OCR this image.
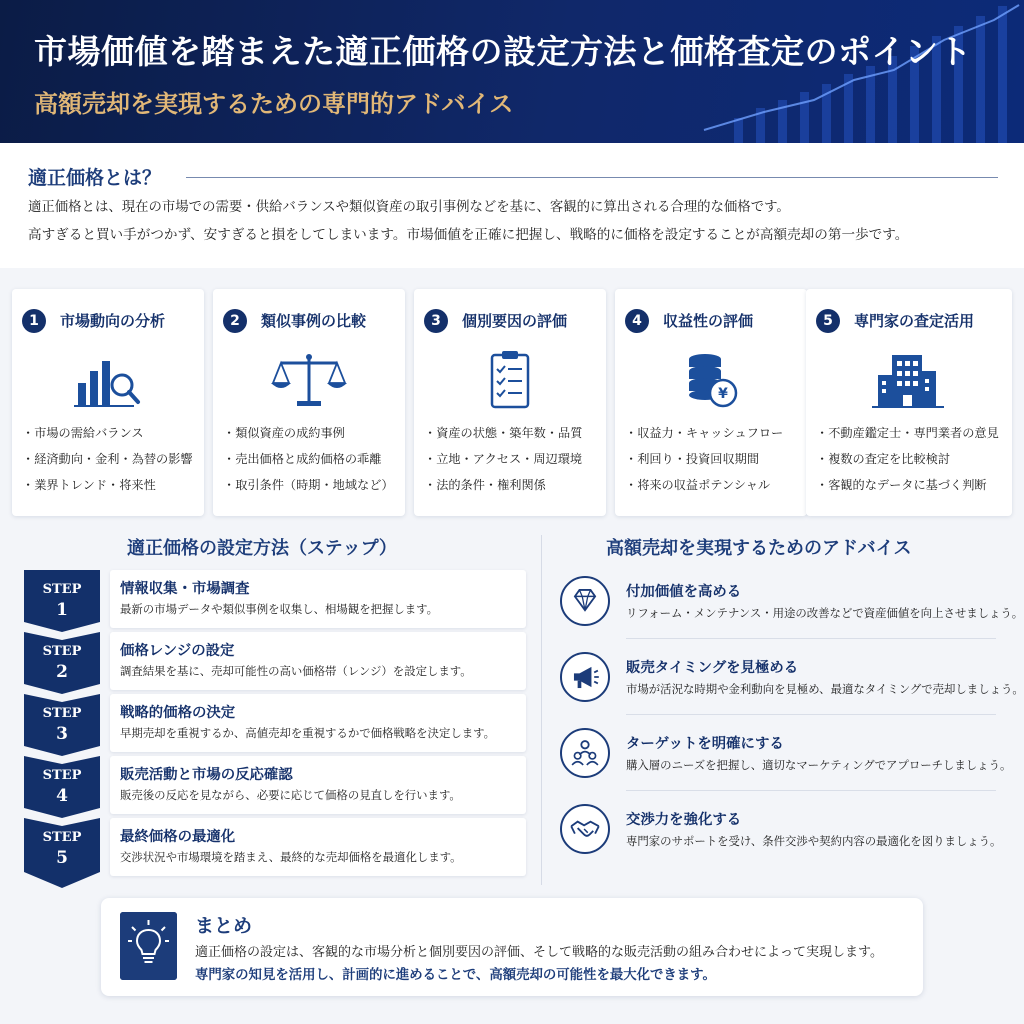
市場価値を踏まえた適正価格の設定方法と価格査定のポイント
高額売却を実現するための専門的アドバイス
適正価格とは？
適正価格とは、現在の市場での需要・供給バランスや類似資産の取引事例などを基に、客観的に算出される合理的な価格です。
高すぎると買い手がつかず、安すぎると損をしてしまいます。市場価値を正確に把握し、戦略的に価格を設定することが高額売却の第一歩です。
1	市場動向の分析
・ 市場の需給バランス
・ 経済動向・金利・為替の影響
・ 業界トレンド・将来性
2	類似事例の比較
・ 類似資産の成約事例
・ 売出価格と成約価格の乖離
・ 取引条件（時期・地域など）
3	個別要因の評価
・ 資産の状態・築年数・品質
・ 立地・アクセス・周辺環境
・ 法的条件・権利関係
4	収益性の評価
¥
・ 収益力・キャッシュフロー
・ 利回り・投資回収期間
・ 将来の収益ポテンシャル
5	専門家の査定活用
・ 不動産鑑定士・専門業者の意見
・ 複数の査定を比較検討
・ 客観的なデータに基づく判断
適正価格の設定方法（ステップ）
STEP
1
情報収集・市場調査
最新の市場データや類似事例を収集し、相場観を把握します。
STEP
2
価格レンジの設定
調査結果を基に、売却可能性の高い価格帯（レンジ）を設定します。
STEP
3
戦略的価格の決定
早期売却を重視するか、高値売却を重視するかで価格戦略を決定します。
STEP
4
販売活動と市場の反応確認
販売後の反応を見ながら、必要に応じて価格の見直しを行います。
STEP
5
最終価格の最適化
交渉状況や市場環境を踏まえ、最終的な売却価格を最適化します。
高額売却を実現するためのアドバイス
付加価値を高める
リフォーム・メンテナンス・用途の改善などで資産価値を向上させましょう。
販売タイミングを見極める
市場が活況な時期や金利動向を見極め、最適なタイミングで売却しましょう。
ターゲットを明確にする
購入層のニーズを把握し、適切なマーケティングでアプローチしましょう。
交渉力を強化する
専門家のサポートを受け、条件交渉や契約内容の最適化を図りましょう。
まとめ
適正価格の設定は、客観的な市場分析と個別要因の評価、そして戦略的な販売活動の組み合わせによって実現します。
専門家の知見を活用し、計画的に進めることで、高額売却の可能性を最大化できます。
